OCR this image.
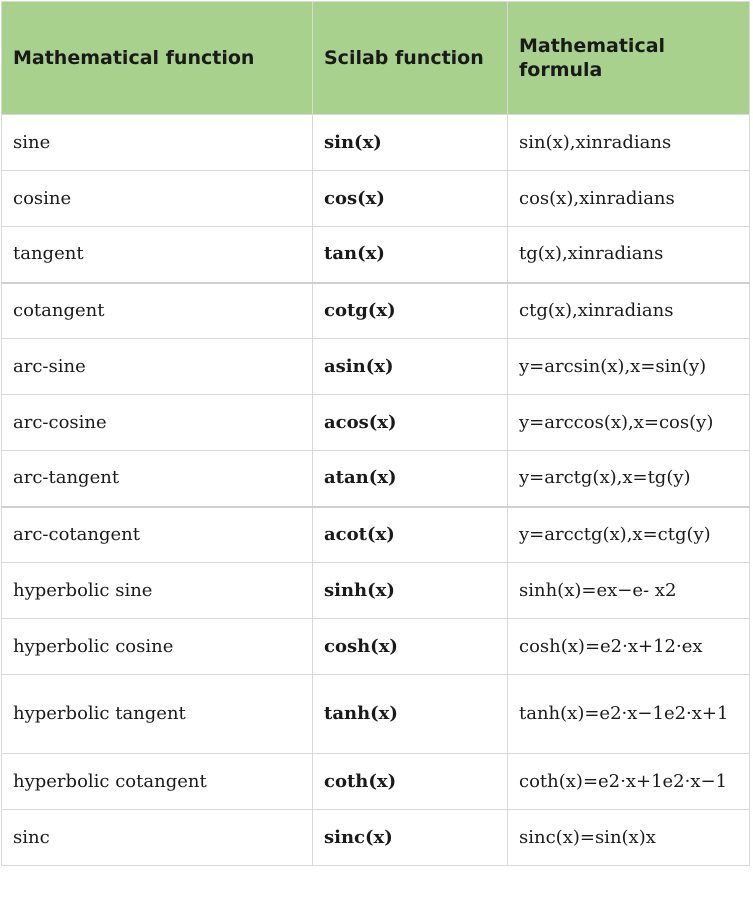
Mathematical function	Scilab function	Mathematical formula
sine	sin(x)	sin(x),xinradians
cosine	cos(x)	cos(x),xinradians
tangent	tan(x)	tg(x),xinradians
cotangent	cotg(x)	ctg(x),xinradians
arc-sine	asin(x)	y=arcsin(x),x=sin(y)
arc-cosine	acos(x)	y=arccos(x),x=cos(y)
arc-tangent	atan(x)	y=arctg(x),x=tg(y)
arc-cotangent	acot(x)	y=arcctg(x),x=ctg(y)
hyperbolic sine	sinh(x)	sinh(x)=ex−e- x2
hyperbolic cosine	cosh(x)	cosh(x)=e2·x+12·ex
hyperbolic tangent	tanh(x)	tanh(x)=e2·x−1e2·x+1
hyperbolic cotangent	coth(x)	coth(x)=e2·x+1e2·x−1
sinc	sinc(x)	sinc(x)=sin(x)x
